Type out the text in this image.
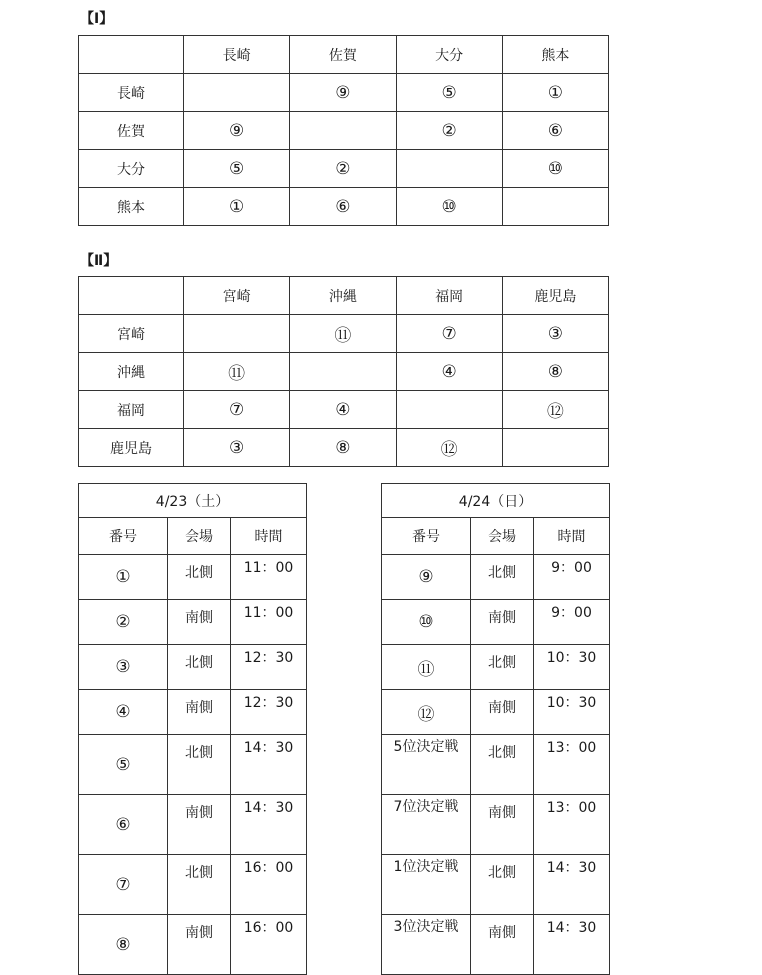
【Ⅰ】
	長崎	佐賀	大分	熊本
長崎		⑨	⑤	①
佐賀	⑨		②	⑥
大分	⑤	②		⑩
熊本	①	⑥	⑩	
【Ⅱ】
	宮崎	沖縄	福岡	鹿児島
宮崎		⑪	⑦	③
沖縄	⑪		④	⑧
福岡	⑦	④		⑫
鹿児島	③	⑧	⑫	
4/23（土）		
番号	会場	時間
①	北側	11：00
②	南側	11：00
③	北側	12：30
④	南側	12：30
⑤	北側	14：30
⑥	南側	14：30
⑦	北側	16：00
⑧	南側	16：00
4/24（日）		
番号	会場	時間
⑨	北側	9：00
⑩	南側	9：00
⑪	北側	10：30
⑫	南側	10：30
5位決定戦	北側	13：00
7位決定戦	南側	13：00
1位決定戦	北側	14：30
3位決定戦	南側	14：30
